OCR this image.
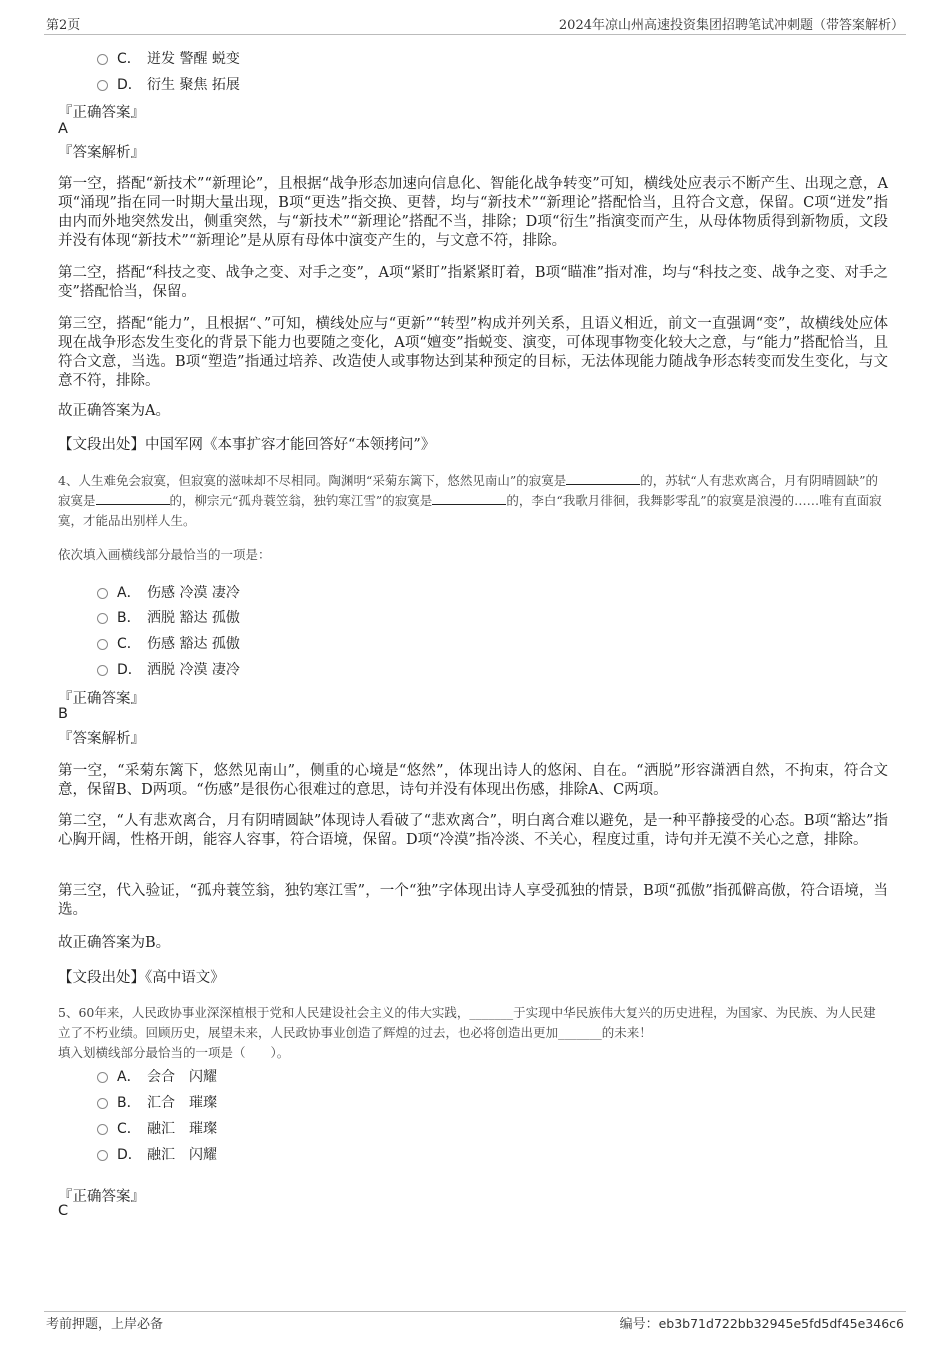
第2页	2024年凉山州高速投资集团招聘笔试冲刺题（带答案解析）
C． 迸发 警醒 蜕变
D． 衍生 聚焦 拓展
『正确答案』
A
『答案解析』
第一空，搭配“新技术”“新理论”，且根据“战争形态加速向信息化、智能化战争转变”可知，横线处应表示不断产生、出现之意，A项“涌现”指在同一时期大量出现，B项“更迭”指交换、更替，均与“新技术”“新理论”搭配恰当，且符合文意，保留。C项“迸发”指由内而外地突然发出，侧重突然，与“新技术”“新理论”搭配不当，排除；D项“衍生”指演变而产生，从母体物质得到新物质，文段并没有体现“新技术”“新理论”是从原有母体中演变产生的，与文意不符，排除。
第二空，搭配“科技之变、战争之变、对手之变”，A项“紧盯”指紧紧盯着，B项“瞄准”指对准，均与“科技之变、战争之变、对手之变”搭配恰当，保留。
第三空，搭配“能力”，且根据“、”可知，横线处应与“更新”“转型”构成并列关系，且语义相近，前文一直强调“变”，故横线处应体现在战争形态发生变化的背景下能力也要随之变化，A项“嬗变”指蜕变、演变，可体现事物变化较大之意，与“能力”搭配恰当，且符合文意，当选。B项“塑造”指通过培养、改造使人或事物达到某种预定的目标，无法体现能力随战争形态转变而发生变化，与文意不符，排除。
故正确答案为A。
【文段出处】中国军网《本事扩容才能回答好“本领拷问”》
4、人生难免会寂寞，但寂寞的滋味却不尽相同。陶渊明“采菊东篱下，悠然见南山”的寂寞是	的，苏轼“人有悲欢离合，月有阴晴圆缺”的寂寞是	的，柳宗元“孤舟蓑笠翁，独钓寒江雪”的寂寞是	的，李白“我歌月徘徊，我舞影零乱”的寂寞是浪漫的……唯有直面寂寞，才能品出别样人生。
依次填入画横线部分最恰当的一项是：
A． 伤感 冷漠 凄冷
B． 洒脱 豁达 孤傲
C． 伤感 豁达 孤傲
D． 洒脱 冷漠 凄冷
『正确答案』
B
『答案解析』
第一空，“采菊东篱下，悠然见南山”，侧重的心境是“悠然”，体现出诗人的悠闲、自在。“洒脱”形容潇洒自然，不拘束，符合文意，保留B、D两项。“伤感”是很伤心很难过的意思，诗句并没有体现出伤感，排除A、C两项。
第二空，“人有悲欢离合，月有阴晴圆缺”体现诗人看破了“悲欢离合”，明白离合难以避免，是一种平静接受的心态。B项“豁达”指心胸开阔，性格开朗，能容人容事，符合语境，保留。D项“冷漠”指冷淡、不关心，程度过重，诗句并无漠不关心之意，排除。
第三空，代入验证，“孤舟蓑笠翁，独钓寒江雪”，一个“独”字体现出诗人享受孤独的情景，B项“孤傲”指孤僻高傲，符合语境，当选。
故正确答案为B。
【文段出处】《高中语文》
5、60年来，人民政协事业深深植根于党和人民建设社会主义的伟大实践，_______于实现中华民族伟大复兴的历史进程，为国家、为民族、为人民建立了不朽业绩。回顾历史，展望未来，人民政协事业创造了辉煌的过去，也必将创造出更加_______的未来！
填入划横线部分最恰当的一项是（　　）。
A． 会合　闪耀
B． 汇合　璀璨
C． 融汇　璀璨
D． 融汇　闪耀
『正确答案』
C
考前押题，上岸必备	编号：eb3b71d722bb32945e5fd5df45e346c6
